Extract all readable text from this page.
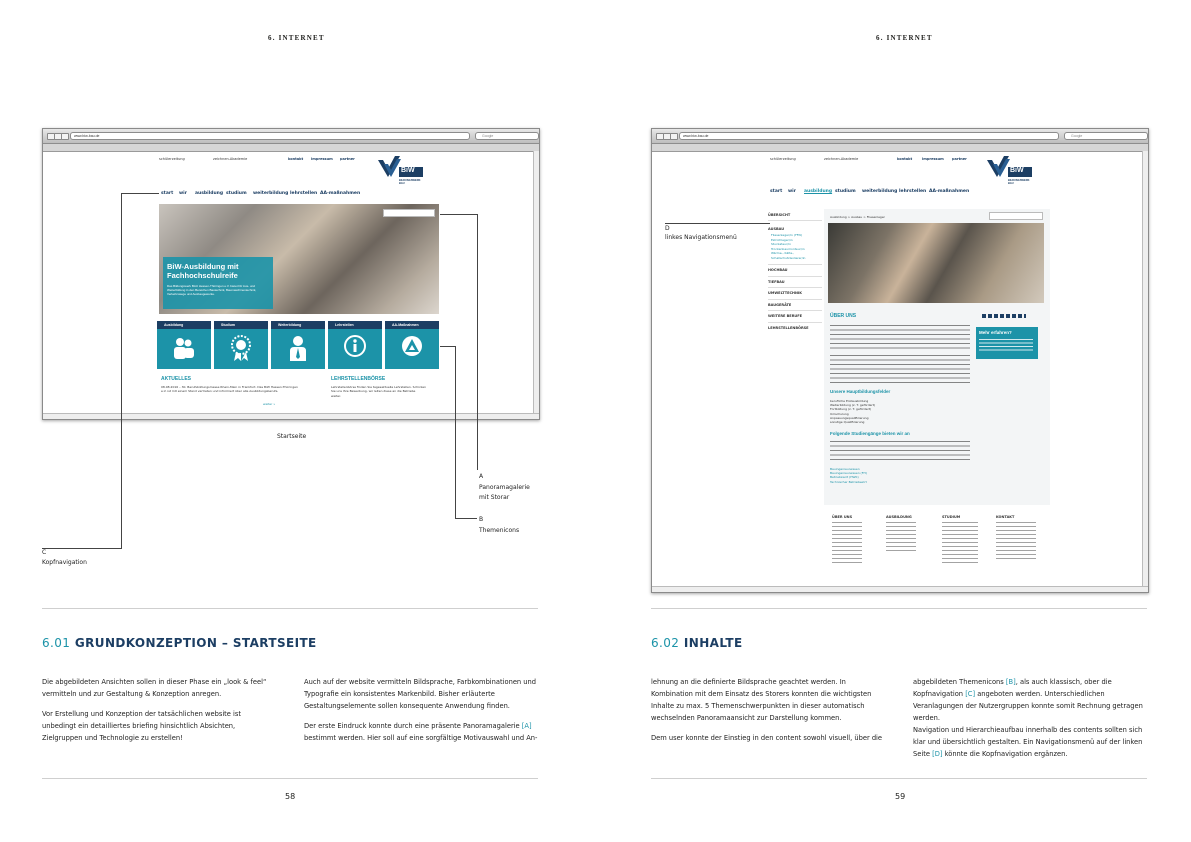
6. INTERNET
www.biw-bau.de	Google
schülerzeitung	zeichnen-Akademie	kontakt impressum partner
BiW
BILDUNGSWERK BAU
start wir ausbildung studium weiterbildung lehrstellen AA-maßnahmen
BiW-Ausbildung mit
Fachhochschulreife
Das Bildungswerk BAU Hessen-Thüringen e.V. bietet Dir Aus- und Weiterbildung in den Bereichen Bautechnik, Baumaschinentechnik, Verkehrswege und Ausbaugewerke.
Ausbildung	Studium	Weiterbildung	Lehrstellen	AA-Maßnahmen
AKTUELLES
08.08.2016 – 30. Berufsbildungsmesse Rhein-Main in Frankfurt. Das BiW Hessen-Thüringen e.V. ist mit einem Stand vertreten und informiert über alle Ausbildungsberufe.
weiter »
LEHRSTELLENBÖRSE
Lehrstellenbörse finden Sie tagesaktuelle Lehrstellen. Schicken Sie uns Ihre Bewerbung, wir leiten diese an die Betriebe weiter.
Startseite
C
Kopfnavigation
A
Panoramagalerie
mit Storar
B
Themenicons
6.01 GRUNDKONZEPTION – STARTSEITE

Die abgebildeten Ansichten sollen in dieser Phase ein „look & feel“ vermitteln und zur Gestaltung & Konzeption anregen.

Vor Erstellung und Konzeption der tatsächlichen website ist unbedingt ein detailliertes briefing hinsichtlich Absichten, Zielgruppen und Technologie zu erstellen!

Auch auf der website vermitteln Bildsprache, Farbkombinationen und Typografie ein konsistentes Markenbild. Bisher erläuterte Gestaltungselemente sollen konsequente Anwendung finden.

Der erste Eindruck konnte durch eine präsente Panoramagalerie [A] bestimmt werden. Hier soll auf eine sorgfältige Motivauswahl und An-

58
6. INTERNET
www.biw-bau.de	Google
schülerzeitung	zeichnen-Akademie	kontakt	impressum partner
BiW
BILDUNGSWERK BAU
start wir ausbildung studium weiterbildung lehrstellen AA-maßnahmen
ÜBERSICHT
AUSBAU
Fliesenleger/in (FFN)
Estrichleger/in
Stuckateur/in
Trockenbaumonteur/in
Wärme-, Kälte-, Schallschutzisolierer/in
HOCHBAU
TIEFBAU
UMWELTTECHNIK
BAUGERÄTE
WEITERE BERUFE
LEHRSTELLENBÖRSE
Ausbildung > Ausbau > Fliesenleger
ÜBER UNS
Mehr erfahren?
Unsere Hauptbildungsfelder
berufliche Erstausbildung
Weiterbildung (z. T. gefördert)
Fortbildung (z. T. gefördert)
Umschulung
Anpassungsqualifizierung
sonstige Qualifizierung
Folgende Studiengänge bieten wir an
Bauingenieurwesen
Bauingenieurwesen (FH)
Betriebswirt (HWK)
Technischer Betriebswirt
ÜBER UNS	AUSBILDUNG	STUDIUM	KONTAKT
D
linkes Navigationsmenü
6.02 INHALTE

lehnung an die definierte Bildsprache geachtet werden. In Kombination mit dem Einsatz des Storers konnten die wichtigsten Inhalte zu max. 5 Themenschwerpunkten in dieser automatisch wechselnden Panoramaansicht zur Darstellung kommen.

Dem user konnte der Einstieg in den content sowohl visuell, über die

abgebildeten Themenicons [B], als auch klassisch, ober die Kopfnavigation [C] angeboten werden. Unterschiedlichen Veranlagungen der Nutzergruppen konnte somit Rechnung getragen werden.

Navigation und Hierarchieaufbau innerhalb des contents sollten sich klar und übersichtlich gestalten. Ein Navigationsmenü auf der linken Seite [D] könnte die Kopfnavigation ergänzen.

59
